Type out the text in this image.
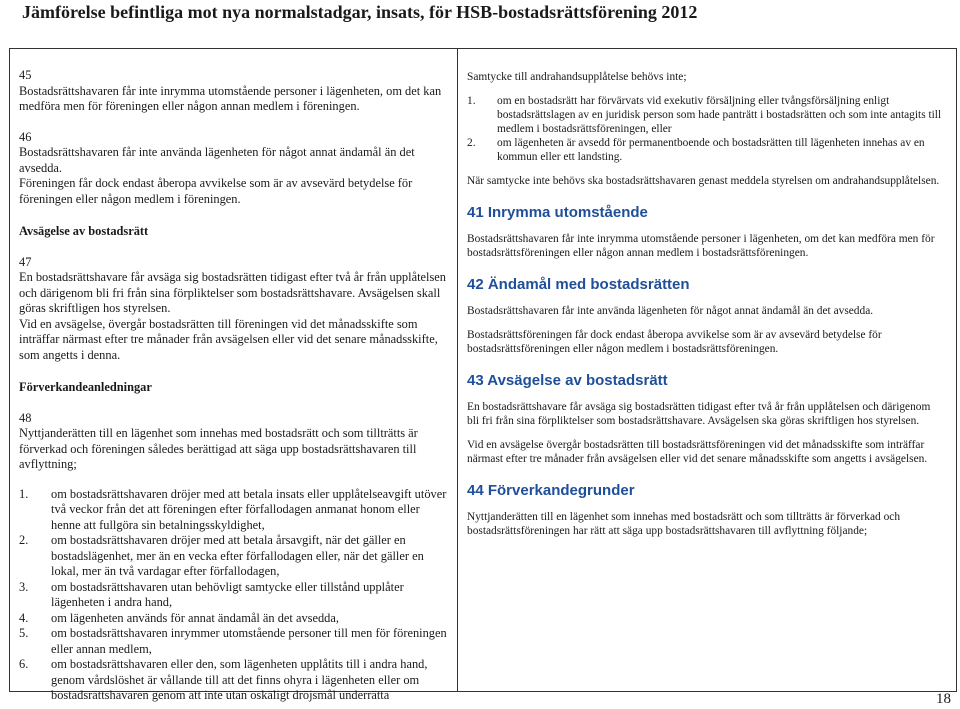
Jämförelse befintliga mot nya normalstadgar, insats, för HSB-bostadsrättsförening 2012

45

Bostadsrättshavaren får inte inrymma utomstående personer i lägenheten, om det kan medföra men för föreningen eller någon annan medlem i föreningen.

46

Bostadsrättshavaren får inte använda lägenheten för något annat ändamål än det avsedda.

Föreningen får dock endast åberopa avvikelse som är av avsevärd betydelse för föreningen eller någon medlem i föreningen.

Avsägelse av bostadsrätt

47

En bostadsrättshavare får avsäga sig bostadsrätten tidigast efter två år från upplåtelsen och därigenom bli fri från sina förpliktelser som bostadsrättshavare. Avsägelsen skall göras skriftligen hos styrelsen.

Vid en avsägelse, övergår bostadsrätten till föreningen vid det månadsskifte som inträffar närmast efter tre månader från avsägelsen eller vid det senare månadsskifte, som angetts i denna.

Förverkandeanledningar

48

Nyttjanderätten till en lägenhet som innehas med bostadsrätt och som tillträtts är förverkad och föreningen således berättigad att säga upp bostadsrättshavaren till avflyttning;

1. om bostadsrättshavaren dröjer med att betala insats eller upplåtelseavgift utöver två veckor från det att föreningen efter förfallodagen anmanat honom eller henne att fullgöra sin betalningsskyldighet,
2. om bostadsrättshavaren dröjer med att betala årsavgift, när det gäller en bostadslägenhet, mer än en vecka efter förfallodagen eller, när det gäller en lokal, mer än två vardagar efter förfallodagen,
3. om bostadsrättshavaren utan behövligt samtycke eller tillstånd upplåter lägenheten i andra hand,
4. om lägenheten används för annat ändamål än det avsedda,
5. om bostadsrättshavaren inrymmer utomstående personer till men för föreningen eller annan medlem,
6. om bostadsrättshavaren eller den, som lägenheten upplåtits till i andra hand, genom vårdslöshet är vållande till att det finns ohyra i lägenheten eller om bostadsrättshavaren genom att inte utan oskäligt dröjsmål underrätta

Samtycke till andrahandsupplåtelse behövs inte;

1. om en bostadsrätt har förvärvats vid exekutiv försäljning eller tvångsförsäljning enligt bostadsrättslagen av en juridisk person som hade panträtt i bostadsrätten och som inte antagits till medlem i bostadsrättsföreningen, eller
2. om lägenheten är avsedd för permanentboende och bostadsrätten till lägenheten innehas av en kommun eller ett landsting.

När samtycke inte behövs ska bostadsrättshavaren genast meddela styrelsen om andrahandsupplåtelsen.

41 Inrymma utomstående

Bostadsrättshavaren får inte inrymma utomstående personer i lägenheten, om det kan medföra men för bostadsrättsföreningen eller någon annan medlem i bostadsrättsföreningen.

42 Ändamål med bostadsrätten

Bostadsrättshavaren får inte använda lägenheten för något annat ändamål än det avsedda.

Bostadsrättsföreningen får dock endast åberopa avvikelse som är av avsevärd betydelse för bostadsrättsföreningen eller någon medlem i bostadsrättsföreningen.

43 Avsägelse av bostadsrätt

En bostadsrättshavare får avsäga sig bostadsrätten tidigast efter två år från upplåtelsen och därigenom bli fri från sina förpliktelser som bostadsrättshavare. Avsägelsen ska göras skriftligen hos styrelsen.

Vid en avsägelse övergår bostadsrätten till bostadsrättsföreningen vid det månadsskifte som inträffar närmast efter tre månader från avsägelsen eller vid det senare månadsskifte som angetts i avsägelsen.

44 Förverkandegrunder

Nyttjanderätten till en lägenhet som innehas med bostadsrätt och som tillträtts är förverkad och bostadsrättsföreningen har rätt att säga upp bostadsrättshavaren till avflyttning följande;

18
